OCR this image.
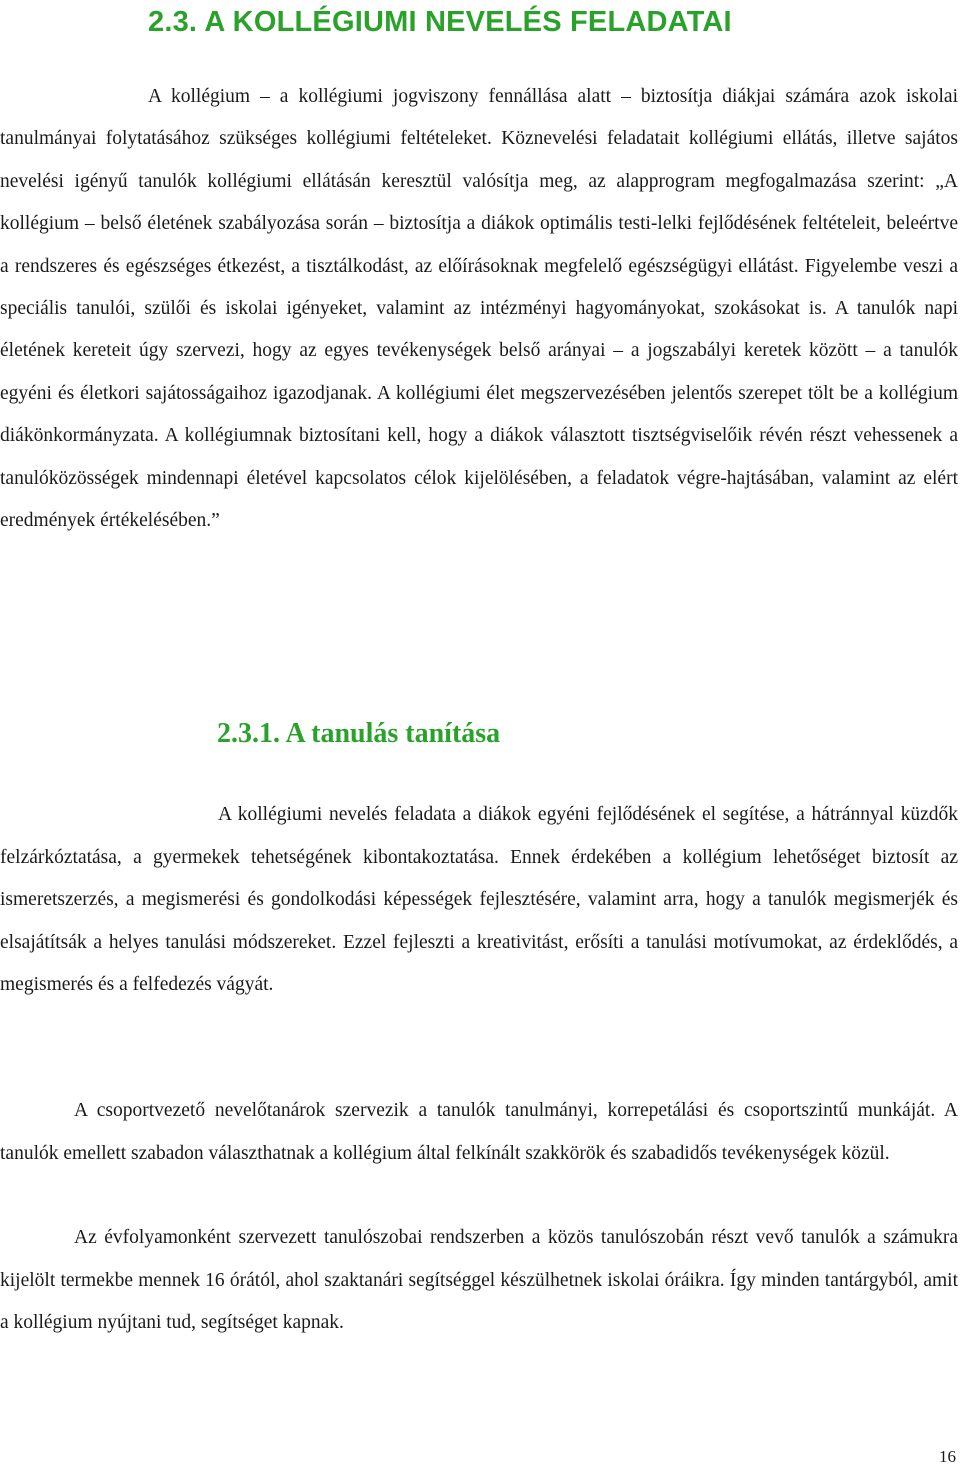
2.3. A KOLLÉGIUMI NEVELÉS FELADATAI

A kollégium – a kollégiumi jogviszony fennállása alatt – biztosítja diákjai számára azok iskolai tanulmányai folytatásához szükséges kollégiumi feltételeket. Köznevelési feladatait kollégiumi ellátás, illetve sajátos nevelési igényű tanulók kollégiumi ellátásán keresztül valósítja meg, az alapprogram megfogalmazása szerint: „A kollégium – belső életének szabályozása során – biztosítja a diákok optimális testi-lelki fejlődésének feltételeit, beleértve a rendszeres és egészséges étkezést, a tisztálkodást, az előírásoknak megfelelő egészségügyi ellátást. Figyelembe veszi a speciális tanulói, szülői és iskolai igényeket, valamint az intézményi hagyományokat, szokásokat is. A tanulók napi életének kereteit úgy szervezi, hogy az egyes tevékenységek belső arányai – a jogszabályi keretek között – a tanulók egyéni és életkori sajátosságaihoz igazodjanak. A kollégiumi élet megszervezésében jelentős szerepet tölt be a kollégium diákönkormányzata. A kollégiumnak biztosítani kell, hogy a diákok választott tisztségviselőik révén részt vehessenek a tanulóközösségek mindennapi életével kapcsolatos célok kijelölésében, a feladatok végre-hajtásában, valamint az elért eredmények értékelésében.”

2.3.1. A tanulás tanítása

A kollégiumi nevelés feladata a diákok egyéni fejlődésének el segítése, a hátránnyal küzdők felzárkóztatása, a gyermekek tehetségének kibontakoztatása. Ennek érdekében a kollégium lehetőséget biztosít az ismeretszerzés, a megismerési és gondolkodási képességek fejlesztésére, valamint arra, hogy a tanulók megismerjék és elsajátítsák a helyes tanulási módszereket. Ezzel fejleszti a kreativitást, erősíti a tanulási motívumokat, az érdeklődés, a megismerés és a felfedezés vágyát.

A csoportvezető nevelőtanárok szervezik a tanulók tanulmányi, korrepetálási és csoportszintű munkáját. A tanulók emellett szabadon választhatnak a kollégium által felkínált szakkörök és szabadidős tevékenységek közül.

Az évfolyamonként szervezett tanulószobai rendszerben a közös tanulószobán részt vevő tanulók a számukra kijelölt termekbe mennek 16 órától, ahol szaktanári segítséggel készülhetnek iskolai óráikra. Így minden tantárgyból, amit a kollégium nyújtani tud, segítséget kapnak.

16
